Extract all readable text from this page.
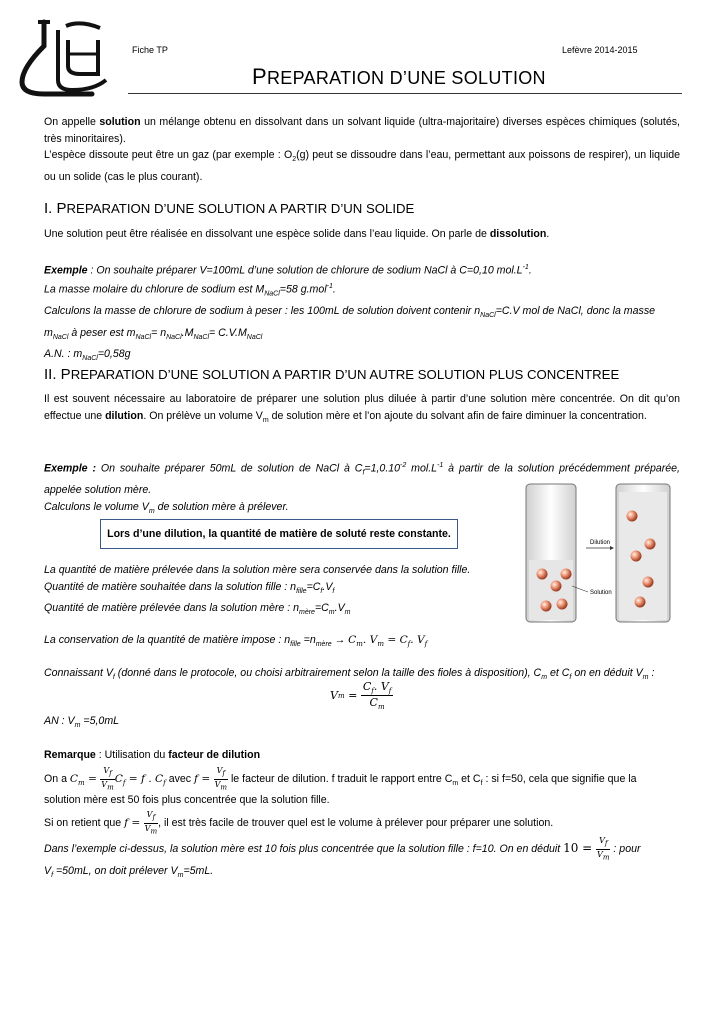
Fiche TP	Lefèvre 2014-2015
PREPARATION D’UNE SOLUTION
On appelle solution un mélange obtenu en dissolvant dans un solvant liquide (ultra-majoritaire) diverses espèces chimiques (solutés, très minoritaires).
L’espèce dissoute peut être un gaz (par exemple : $O_2(g)$ peut se dissoudre dans l’eau, permettant aux poissons de respirer), un liquide ou un solide (cas le plus courant).
I. PREPARATION D’UNE SOLUTION A PARTIR D’UN SOLIDE
Une solution peut être réalisée en dissolvant une espèce solide dans l’eau liquide. On parle de dissolution.
Exemple : On souhaite préparer V=100mL d’une solution de chlorure de sodium NaCl à C=0,10 $mol.L^{-1}$.
La masse molaire du chlorure de sodium est $M_{NaCl}=58$ g.mol$^{-1}$.
Calculons la masse de chlorure de sodium à peser : les 100mL de solution doivent contenir $n_{NaCl}=C.V$ mol de NaCl, donc la masse
$m_{NaCl}$ à peser est $m_{NaCl}= n_{NaCl}.M_{NaCl}= C.V.M_{NaCl}$
A.N. : $m_{NaCl}=0,58g$
II. PREPARATION D’UNE SOLUTION A PARTIR D’UN AUTRE SOLUTION PLUS CONCENTREE
Il est souvent nécessaire au laboratoire de préparer une solution plus diluée à partir d’une solution mère concentrée. On dit qu’on effectue une dilution. On prélève un volume $V_m$ de solution mère et l’on ajoute du solvant afin de faire diminuer la concentration.
Exemple : On souhaite préparer 50mL de solution de NaCl à $C_f=1,0.10^{-2}$ $mol.L^{-1}$ à partir de la solution précédemment préparée, appelée solution mère.
Calculons le volume $V_m$ de solution mère à prélever.
Lors d’une dilution, la quantité de matière de soluté reste constante.
Dilution
Solution
La quantité de matière prélevée dans la solution mère sera conservée dans la solution fille.
Quantité de matière souhaitée dans la solution fille : $n_{fille}=C_f.V_f$
Quantité de matière prélevée dans la solution mère : $n_{mère}=C_m.V_m$
La conservation de la quantité de matière impose : $n_{fille} =n_{mère} \to C_m$. $V_m = C_f$. $V_f$
Connaissant $V_f$ (donné dans le protocole, ou choisi arbitrairement selon la taille des fioles à disposition), $C_m$ et $C_f$ on en déduit $V_m$ :
V $m = \frac{C_f. V_f}{C_m}$
AN : $V_m =5,0mL$
Remarque : Utilisation du facteur de dilution
On a $C_m = \frac{V_f}{V_m} C_f = f$ . $C_f$ avec $f = \frac{V_f}{V_m}$ le facteur de dilution. f traduit le rapport entre $C_m$ et $C_f$ : si f=50, cela que signifie que la
solution mère est 50 fois plus concentrée que la solution fille.
Si on retient que $f = \frac{V_f}{V_m}$ , il est très facile de trouver quel est le volume à prélever pour préparer une solution.
Dans l’exemple ci-dessus, la solution mère est 10 fois plus concentrée que la solution fille : f=10. On en déduit $10 = \frac{V_f}{V_m}$ : pour
$V_f =50mL$, on doit prélever $V_m=5mL$.
